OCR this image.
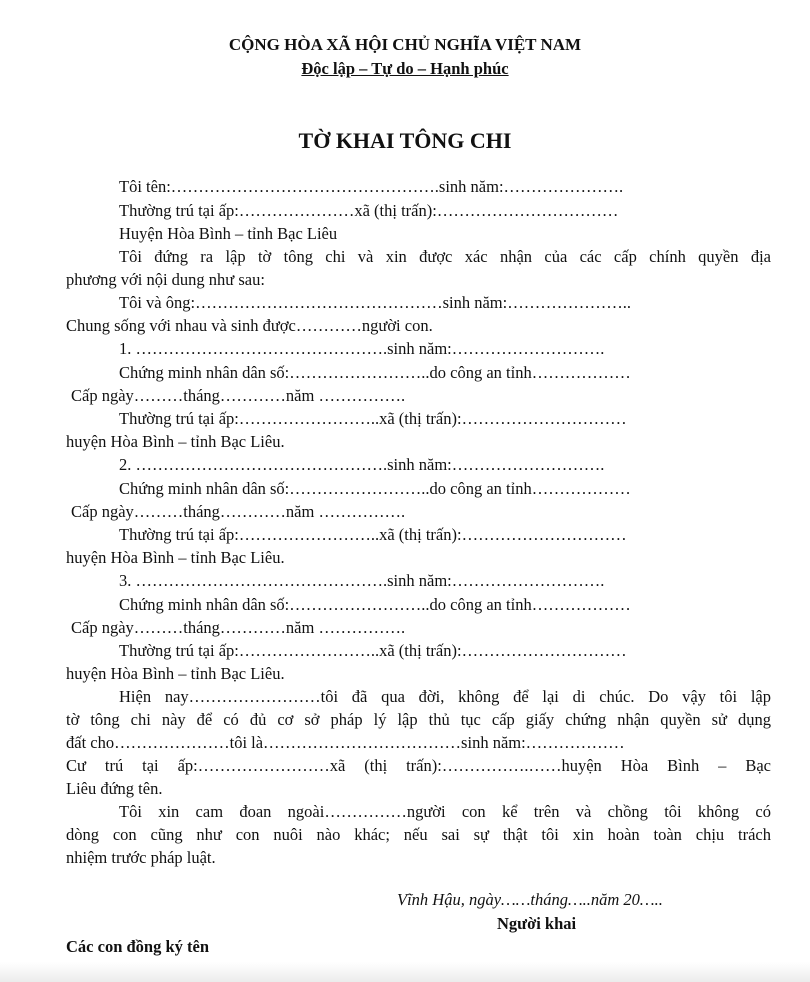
CỘNG HÒA XÃ HỘI CHỦ NGHĨA VIỆT NAM
Độc lập – Tự do – Hạnh phúc
TỜ KHAI TÔNG CHI
Tôi tên:………………………………………….sinh năm:………………….
Thường trú tại ấp:…………………xã (thị trấn):……………………………
Huyện Hòa Bình – tỉnh Bạc Liêu
Tôi đứng ra lập tờ tông chi và xin được xác nhận của các cấp chính quyền địa
phương với nội dung như sau:
Tôi và ông:………………………………………sinh năm:…………………..
Chung sống với nhau và sinh được…………người con.
1. ……………………………………….sinh năm:……………………….
Chứng minh nhân dân số:……………………..do công an tỉnh………………
Cấp ngày………tháng…………năm …………….
Thường trú tại ấp:……………………..xã (thị trấn):…………………………
huyện Hòa Bình – tỉnh Bạc Liêu.
2. ……………………………………….sinh năm:……………………….
Chứng minh nhân dân số:……………………..do công an tỉnh………………
Cấp ngày………tháng…………năm …………….
Thường trú tại ấp:……………………..xã (thị trấn):…………………………
huyện Hòa Bình – tỉnh Bạc Liêu.
3. ……………………………………….sinh năm:……………………….
Chứng minh nhân dân số:……………………..do công an tỉnh………………
Cấp ngày………tháng…………năm …………….
Thường trú tại ấp:……………………..xã (thị trấn):…………………………
huyện Hòa Bình – tỉnh Bạc Liêu.
Hiện nay……………………tôi đã qua đời, không để lại di chúc. Do vậy tôi lập
tờ tông chi này để có đủ cơ sở pháp lý lập thủ tục cấp giấy chứng nhận quyền sử dụng
đất cho…………………tôi là………………………………sinh năm:………………
Cư trú tại ấp:……………………xã (thị trấn):…………….……huyện Hòa Bình – Bạc
Liêu đứng tên.
Tôi xin cam đoan ngoài……………người con kể trên và chồng tôi không có
dòng con cũng như con nuôi nào khác; nếu sai sự thật tôi xin hoàn toàn chịu trách
nhiệm trước pháp luật.
Vĩnh Hậu, ngày……tháng…..năm 20…..
Người khai
Các con đồng ký tên
